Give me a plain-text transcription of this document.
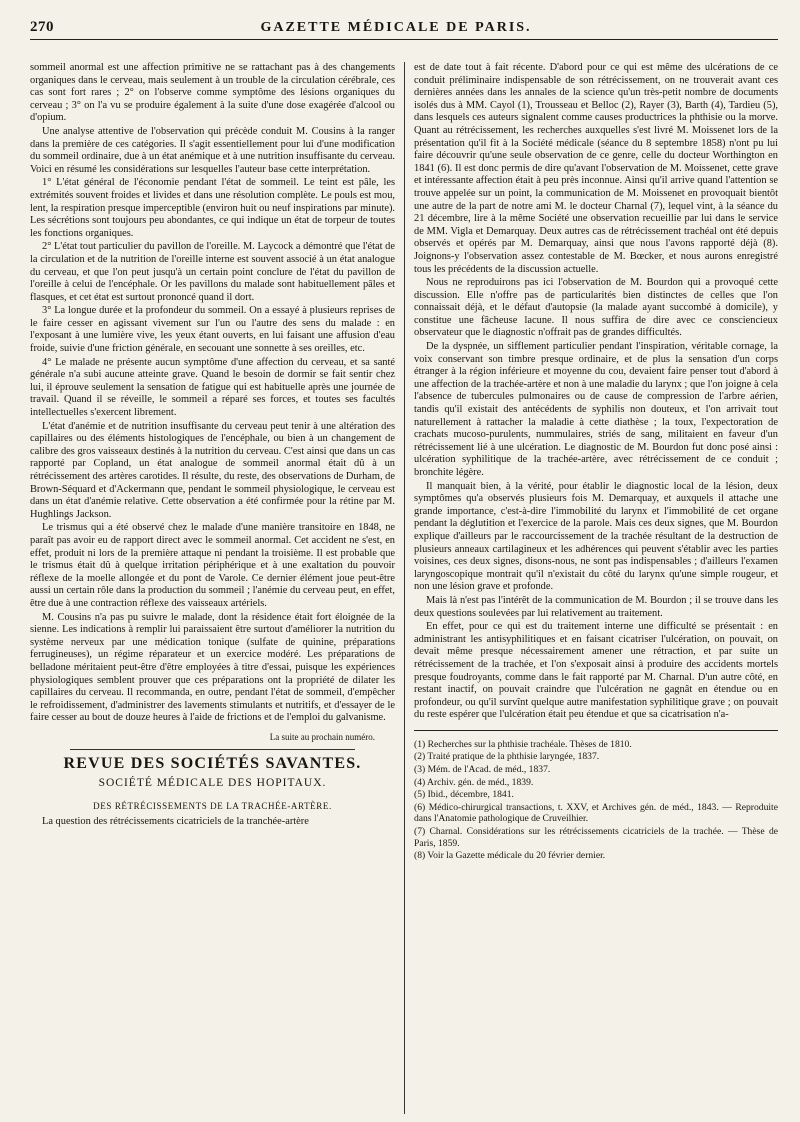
270	GAZETTE MÉDICALE DE PARIS.

sommeil anormal est une affection primitive ne se rattachant pas à des changements organiques dans le cerveau, mais seulement à un trouble de la circulation cérébrale, ces cas sont fort rares ; 2° on l'observe comme symptôme des lésions organiques du cerveau ; 3° on l'a vu se produire également à la suite d'une dose exagérée d'alcool ou d'opium.

Une analyse attentive de l'observation qui précède conduit M. Cousins à la ranger dans la première de ces catégories. Il s'agit essentiellement pour lui d'une modification du sommeil ordinaire, due à un état anémique et à une nutrition insuffisante du cerveau. Voici en résumé les considérations sur lesquelles l'auteur base cette interprétation.

1° L'état général de l'économie pendant l'état de sommeil. Le teint est pâle, les extrémités souvent froides et livides et dans une résolution complète. Le pouls est mou, lent, la respiration presque imperceptible (environ huit ou neuf inspirations par minute). Les sécrétions sont toujours peu abondantes, ce qui indique un état de torpeur de toutes les fonctions organiques.

2° L'état tout particulier du pavillon de l'oreille. M. Laycock a démontré que l'état de la circulation et de la nutrition de l'oreille interne est souvent associé à un état analogue du cerveau, et que l'on peut jusqu'à un certain point conclure de l'état du pavillon de l'oreille à celui de l'encéphale. Or les pavillons du malade sont habituellement pâles et flasques, et cet état est surtout prononcé quand il dort.

3° La longue durée et la profondeur du sommeil. On a essayé à plusieurs reprises de le faire cesser en agissant vivement sur l'un ou l'autre des sens du malade : en l'exposant à une lumière vive, les yeux étant ouverts, en lui faisant une affusion d'eau froide, suivie d'une friction générale, en secouant une sonnette à ses oreilles, etc.

4° Le malade ne présente aucun symptôme d'une affection du cerveau, et sa santé générale n'a subi aucune atteinte grave. Quand le besoin de dormir se fait sentir chez lui, il éprouve seulement la sensation de fatigue qui est habituelle après une journée de travail. Quand il se réveille, le sommeil a réparé ses forces, et toutes ses facultés intellectuelles s'exercent librement.

L'état d'anémie et de nutrition insuffisante du cerveau peut tenir à une altération des capillaires ou des éléments histologiques de l'encéphale, ou bien à un changement de calibre des gros vaisseaux destinés à la nutrition du cerveau. C'est ainsi que dans un cas rapporté par Copland, un état analogue de sommeil anormal était dû à un rétrécissement des artères carotides. Il résulte, du reste, des observations de Durham, de Brown-Séquard et d'Ackermann que, pendant le sommeil physiologique, le cerveau est dans un état d'anémie relative. Cette observation a été confirmée pour la rétine par M. Hughlings Jackson.

Le trismus qui a été observé chez le malade d'une manière transitoire en 1848, ne paraît pas avoir eu de rapport direct avec le sommeil anormal. Cet accident ne s'est, en effet, produit ni lors de la première attaque ni pendant la troisième. Il est probable que le trismus était dû à quelque irritation périphérique et à une exaltation du pouvoir réflexe de la moelle allongée et du pont de Varole. Ce dernier élément joue peut-être aussi un certain rôle dans la production du sommeil ; l'anémie du cerveau peut, en effet, être due à une contraction réflexe des vaisseaux artériels.

M. Cousins n'a pas pu suivre le malade, dont la résidence était fort éloignée de la sienne. Les indications à remplir lui paraissaient être surtout d'améliorer la nutrition du système nerveux par une médication tonique (sulfate de quinine, préparations ferrugineuses), un régime réparateur et un exercice modéré. Les préparations de belladone méritaient peut-être d'être employées à titre d'essai, puisque les expériences physiologiques semblent prouver que ces préparations ont la propriété de dilater les capillaires du cerveau. Il recommanda, en outre, pendant l'état de sommeil, d'empêcher le refroidissement, d'administrer des lavements stimulants et nutritifs, et d'essayer de le faire cesser au bout de douze heures à l'aide de frictions et de l'emploi du galvanisme.

La suite au prochain numéro.
REVUE DES SOCIÉTÉS SAVANTES.
SOCIÉTÉ MÉDICALE DES HOPITAUX.
DES RÉTRÉCISSEMENTS DE LA TRACHÉE-ARTÈRE.

La question des rétrécissements cicatriciels de la tranchée-artère

est de date tout à fait récente. D'abord pour ce qui est même des ulcérations de ce conduit préliminaire indispensable de son rétrécissement, on ne trouverait avant ces dernières années dans les annales de la science qu'un très-petit nombre de documents isolés dus à MM. Cayol (1), Trousseau et Belloc (2), Rayer (3), Barth (4), Tardieu (5), dans lesquels ces auteurs signalent comme causes productrices la phthisie ou la morve. Quant au rétrécissement, les recherches auxquelles s'est livré M. Moissenet lors de la présentation qu'il fit à la Société médicale (séance du 8 septembre 1858) n'ont pu lui faire découvrir qu'une seule observation de ce genre, celle du docteur Worthington en 1841 (6). Il est donc permis de dire qu'avant l'observation de M. Moissenet, cette grave et intéressante affection était à peu près inconnue. Ainsi qu'il arrive quand l'attention se trouve appelée sur un point, la communication de M. Moissenet en provoquait bientôt une autre de la part de notre ami M. le docteur Charnal (7), lequel vint, à la séance du 21 décembre, lire à la même Société une observation recueillie par lui dans le service de MM. Vigla et Demarquay. Deux autres cas de rétrécissement trachéal ont été depuis observés et opérés par M. Demarquay, ainsi que nous l'avons rapporté déjà (8). Joignons-y l'observation assez contestable de M. Bœcker, et nous aurons enregistré tous les précédents de la discussion actuelle.

Nous ne reproduirons pas ici l'observation de M. Bourdon qui a provoqué cette discussion. Elle n'offre pas de particularités bien distinctes de celles que l'on connaissait déjà, et le défaut d'autopsie (la malade ayant succombé à domicile), y constitue une fâcheuse lacune. Il nous suffira de dire avec ce consciencieux observateur que le diagnostic n'offrait pas de grandes difficultés.

De la dyspnée, un sifflement particulier pendant l'inspiration, véritable cornage, la voix conservant son timbre presque ordinaire, et de plus la sensation d'un corps étranger à la région inférieure et moyenne du cou, devaient faire penser tout d'abord à une affection de la trachée-artère et non à une maladie du larynx ; que l'on joigne à cela l'absence de tubercules pulmonaires ou de cause de compression de l'arbre aérien, tandis qu'il existait des antécédents de syphilis non douteux, et l'on arrivait tout naturellement à rattacher la maladie à cette diathèse ; la toux, l'expectoration de crachats mucoso-purulents, nummulaires, striés de sang, militaient en faveur d'un rétrécissement lié à une ulcération. Le diagnostic de M. Bourdon fut donc posé ainsi : ulcération syphilitique de la trachée-artère, avec rétrécissement de ce conduit ; bronchite légère.

Il manquait bien, à la vérité, pour établir le diagnostic local de la lésion, deux symptômes qu'a observés plusieurs fois M. Demarquay, et auxquels il attache une grande importance, c'est-à-dire l'immobilité du larynx et l'immobilité de cet organe pendant la déglutition et l'exercice de la parole. Mais ces deux signes, que M. Bourdon explique d'ailleurs par le raccourcissement de la trachée résultant de la destruction de plusieurs anneaux cartilagineux et les adhérences qui peuvent s'établir avec les parties voisines, ces deux signes, disons-nous, ne sont pas indispensables ; d'ailleurs l'examen laryngoscopique montrait qu'il n'existait du côté du larynx qu'une simple rougeur, et non une lésion grave et profonde.

Mais là n'est pas l'intérêt de la communication de M. Bourdon ; il se trouve dans les deux questions soulevées par lui relativement au traitement.

En effet, pour ce qui est du traitement interne une difficulté se présentait : en administrant les antisyphilitiques et en faisant cicatriser l'ulcération, on pouvait, on devait même presque nécessairement amener une rétraction, et par suite un rétrécissement de la trachée, et l'on s'exposait ainsi à produire des accidents mortels presque foudroyants, comme dans le fait rapporté par M. Charnal. D'un autre côté, en restant inactif, on pouvait craindre que l'ulcération ne gagnât en étendue ou en profondeur, ou qu'il survînt quelque autre manifestation syphilitique grave ; on pouvait du reste espérer que l'ulcération était peu étendue et que sa cicatrisation n'a-

(1) Recherches sur la phthisie trachéale. Thèses de 1810.
(2) Traité pratique de la phthisie laryngée, 1837.
(3) Mém. de l'Acad. de méd., 1837.
(4) Archiv. gén. de méd., 1839.
(5) Ibid., décembre, 1841.
(6) Médico-chirurgical transactions, t. XXV, et Archives gén. de méd., 1843. — Reproduite dans l'Anatomie pathologique de Cruveilhier.
(7) Charnal. Considérations sur les rétrécissements cicatriciels de la trachée. — Thèse de Paris, 1859.
(8) Voir la Gazette médicale du 20 février dernier.
